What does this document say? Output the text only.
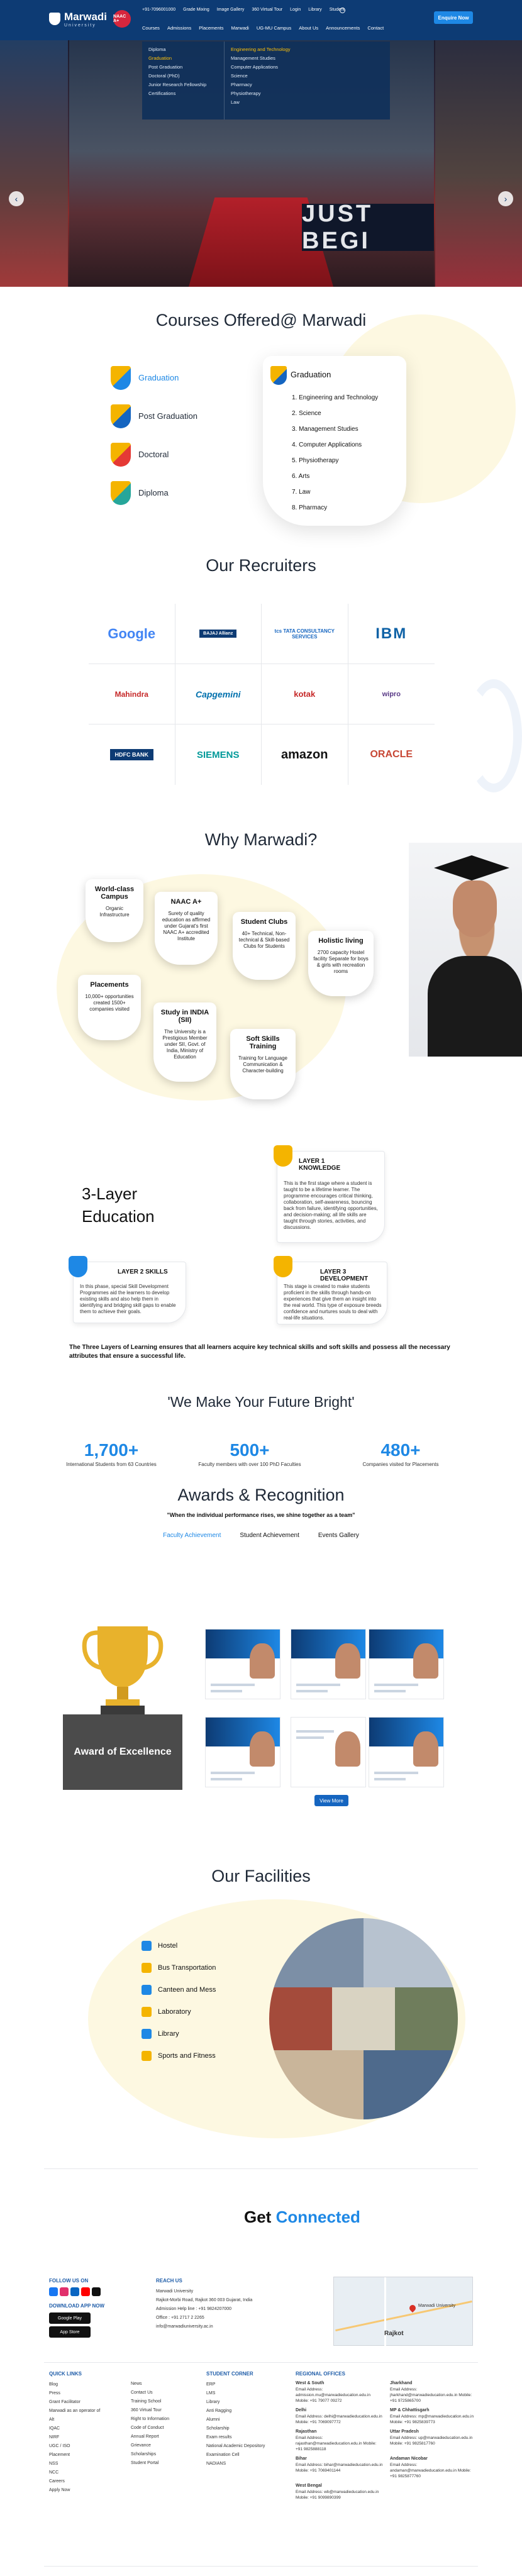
Marwadi
University
NAAC A+
+91-7096001000 Grade Mixing Image Gallery 360 Virtual Tour Login Library Student
Courses Admissions Placements Marwadi UG-MU Campus About Us Announcements Contact
Enquire Now
JUST BEGI
‹	›
Diploma
Graduation
Post Graduation
Doctoral (PhD)
Junior Research Fellowship
Certifications
Engineering and Technology
Management Studies
Computer Applications
Science
Pharmacy
Physiotherapy
Law
Courses Offered@ Marwadi
Graduation
Post Graduation
Doctoral
Diploma
Graduation
1. Engineering and Technology
2. Science
3. Management Studies
4. Computer Applications
5. Physiotherapy
6. Arts
7. Law
8. Pharmacy
Our Recruiters
Google	BAJAJ Allianz	tcs TATA CONSULTANCY SERVICES	IBM
Mahindra	Capgemini	kotak	wipro
HDFC BANK	SIEMENS	amazon	ORACLE
Why Marwadi?
World-class Campus
Organic Infrastructure
NAAC A+
Surety of quality education as affirmed under Gujarat's first NAAC A+ accredited Institute
Student Clubs
40+ Technical, Non-technical & Skill-based Clubs for Students
Holistic living
2700 capacity Hostel facility Separate for boys & girls with recreation rooms
Placements
10,000+ opportunities created 1500+ companies visited	Study in INDIA (SII)
The University is a Prestigious Member under SII, Govt. of India, Ministry of Education
Soft Skills Training
Training for Language Communication & Character-building
3-Layer
Education
LAYER 1 KNOWLEDGE
This is the first stage where a student is taught to be a lifetime learner. The programme encourages critical thinking, collaboration, self-awareness, bouncing back from failure, identifying opportunities, and decision-making; all life skills are taught through stories, activities, and discussions.
LAYER 2 SKILLS
In this phase, special Skill Development Programmes aid the learners to develop existing skills and also help them in identifying and bridging skill gaps to enable them to achieve their goals.
LAYER 3 DEVELOPMENT
This stage is created to make students proficient in the skills through hands-on experiences that give them an insight into the real world. This type of exposure breeds confidence and nurtures souls to deal with real-life situations.
The Three Layers of Learning ensures that all learners acquire key technical skills and soft skills and possess all the necessary attributes that ensure a successful life.
'We Make Your Future Bright'
1,700+
International Students from 63 Countries
500+
Faculty members with over 100 PhD Faculties
480+
Companies visited for Placements
Awards & Recognition
"When the individual performance rises, we shine together as a team"
Faculty Achievement	Student Achievement	Events Gallery
Award of Excellence
View More
Our Facilities
Hostel
Bus Transportation
Canteen and Mess
Laboratory
Library
Sports and Fitness
Get Connected
FOLLOW US ON
DOWNLOAD APP NOW
Google Play
App Store
REACH US
Marwadi University
Rajkot-Morbi Road, Rajkot 360 003 Gujarat, India
Admission Help line : +91 9824207000
Office : +91 2717 2 2265
info@marwadiuniversity.ac.in
Marwadi University
Rajkot
QUICK LINKS
Blog
Press
Grant Facilitator
Marwadi as an operator of Alt
IQAC
NIRF
UGC / ISO
Placement
NSS
NCC
Careers
Apply Now
News
Contact Us
Training School
360 Virtual Tour
Right to Information
Code of Conduct
Annual Report
Grievance
Scholarships
Student Portal
STUDENT CORNER
ERP
LMS
Library
Anti Ragging
Alumni
Scholarship
Exam results
National Academic Depository
Examination Cell
NADIANS
REGIONAL OFFICES
West & South
Email Address: admission.mu@marwadieducation.edu.in Mobile: +91 79077 09272
Jharkhand
Email Address: jharkhand@marwadieducation.edu.in Mobile: +91 9725865700
Delhi
Email Address: delhi@marwadieducation.edu.in Mobile: +91 7069097772
MP & Chhattisgarh
Email Address: mp@marwadieducation.edu.in Mobile: +91 9825839773
Rajasthan
Email Address: rajasthan@marwadieducation.edu.in Mobile: +91 9825888118
Uttar Pradesh
Email Address: up@marwadieducation.edu.in Mobile: +91 9825817760
Bihar
Email Address: bihar@marwadieducation.edu.in Mobile: +91 7069401144
Andaman Nicobar
Email Address: andaman@marwadieducation.edu.in Mobile: +91 9825877760
West Bengal
Email Address: wb@marwadieducation.edu.in Mobile: +91 9099890399
